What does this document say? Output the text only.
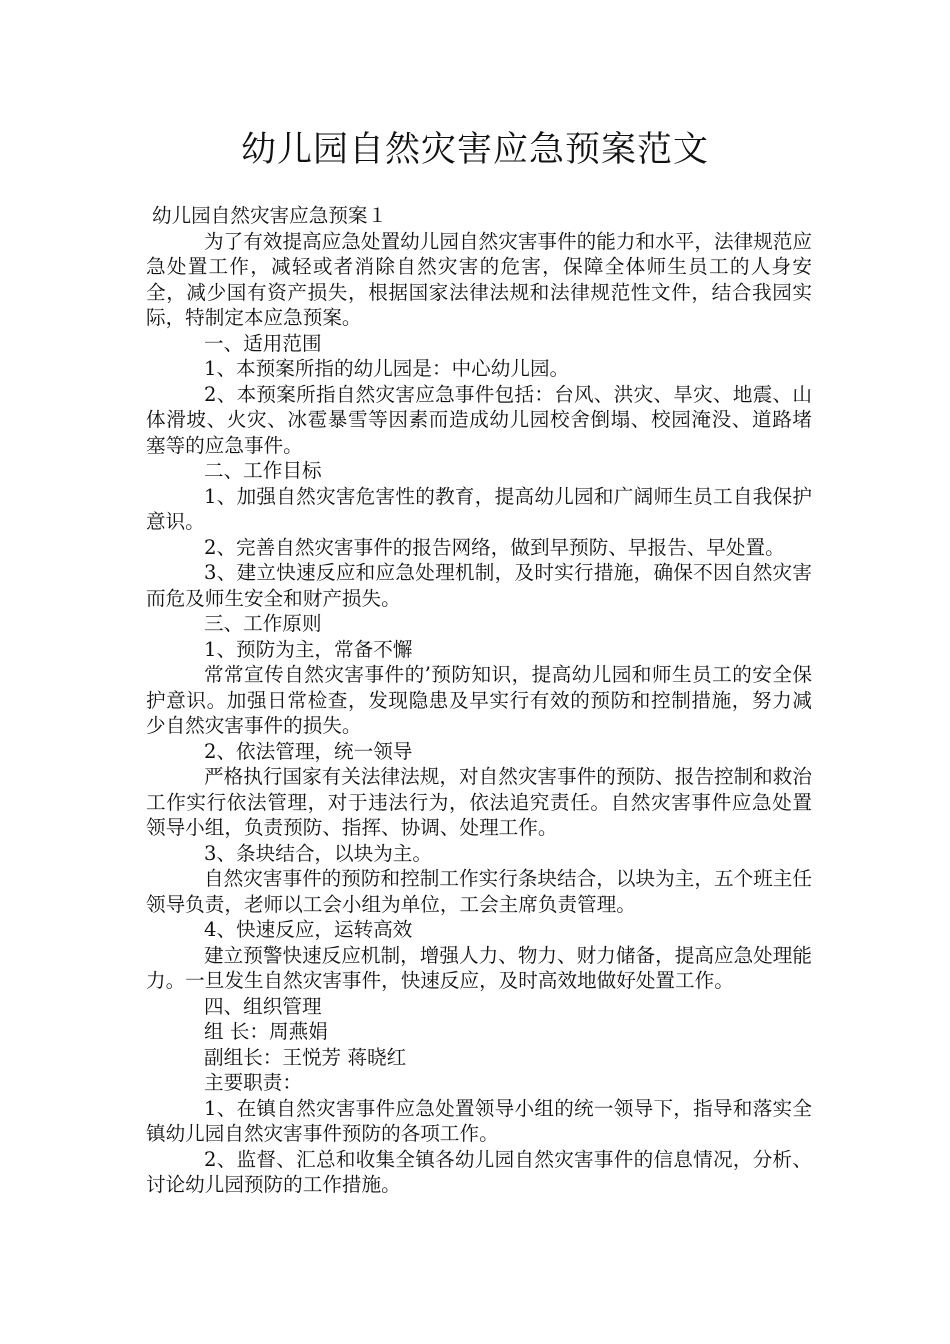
幼儿园自然灾害应急预案范文

幼儿园自然灾害应急预案１

为了有效提高应急处置幼儿园自然灾害事件的能力和水平，法律规范应急处置工作，减轻或者消除自然灾害的危害，保障全体师生员工的人身安全，减少国有资产损失，根据国家法律法规和法律规范性文件，结合我园实际，特制定本应急预案。

一、适用范围

1、本预案所指的幼儿园是：中心幼儿园。

2、本预案所指自然灾害应急事件包括：台风、洪灾、旱灾、地震、山体滑坡、火灾、冰雹暴雪等因素而造成幼儿园校舍倒塌、校园淹没、道路堵塞等的应急事件。

二、工作目标

1、加强自然灾害危害性的教育，提高幼儿园和广阔师生员工自我保护意识。

2、完善自然灾害事件的报告网络，做到早预防、早报告、早处置。

3、建立快速反应和应急处理机制，及时实行措施，确保不因自然灾害而危及师生安全和财产损失。

三、工作原则

1、预防为主，常备不懈

常常宣传自然灾害事件的’预防知识，提高幼儿园和师生员工的安全保护意识。加强日常检查，发现隐患及早实行有效的预防和控制措施，努力减少自然灾害事件的损失。

2、依法管理，统一领导

严格执行国家有关法律法规，对自然灾害事件的预防、报告控制和救治工作实行依法管理，对于违法行为，依法追究责任。自然灾害事件应急处置领导小组，负责预防、指挥、协调、处理工作。

3、条块结合，以块为主。

自然灾害事件的预防和控制工作实行条块结合，以块为主，五个班主任领导负责，老师以工会小组为单位，工会主席负责管理。

4、快速反应，运转高效

建立预警快速反应机制，增强人力、物力、财力储备，提高应急处理能力。一旦发生自然灾害事件，快速反应，及时高效地做好处置工作。

四、组织管理

组 长：周燕娟

副组长：王悦芳 蒋晓红

主要职责：

1、在镇自然灾害事件应急处置领导小组的统一领导下，指导和落实全镇幼儿园自然灾害事件预防的各项工作。

2、监督、汇总和收集全镇各幼儿园自然灾害事件的信息情况，分析、讨论幼儿园预防的工作措施。
